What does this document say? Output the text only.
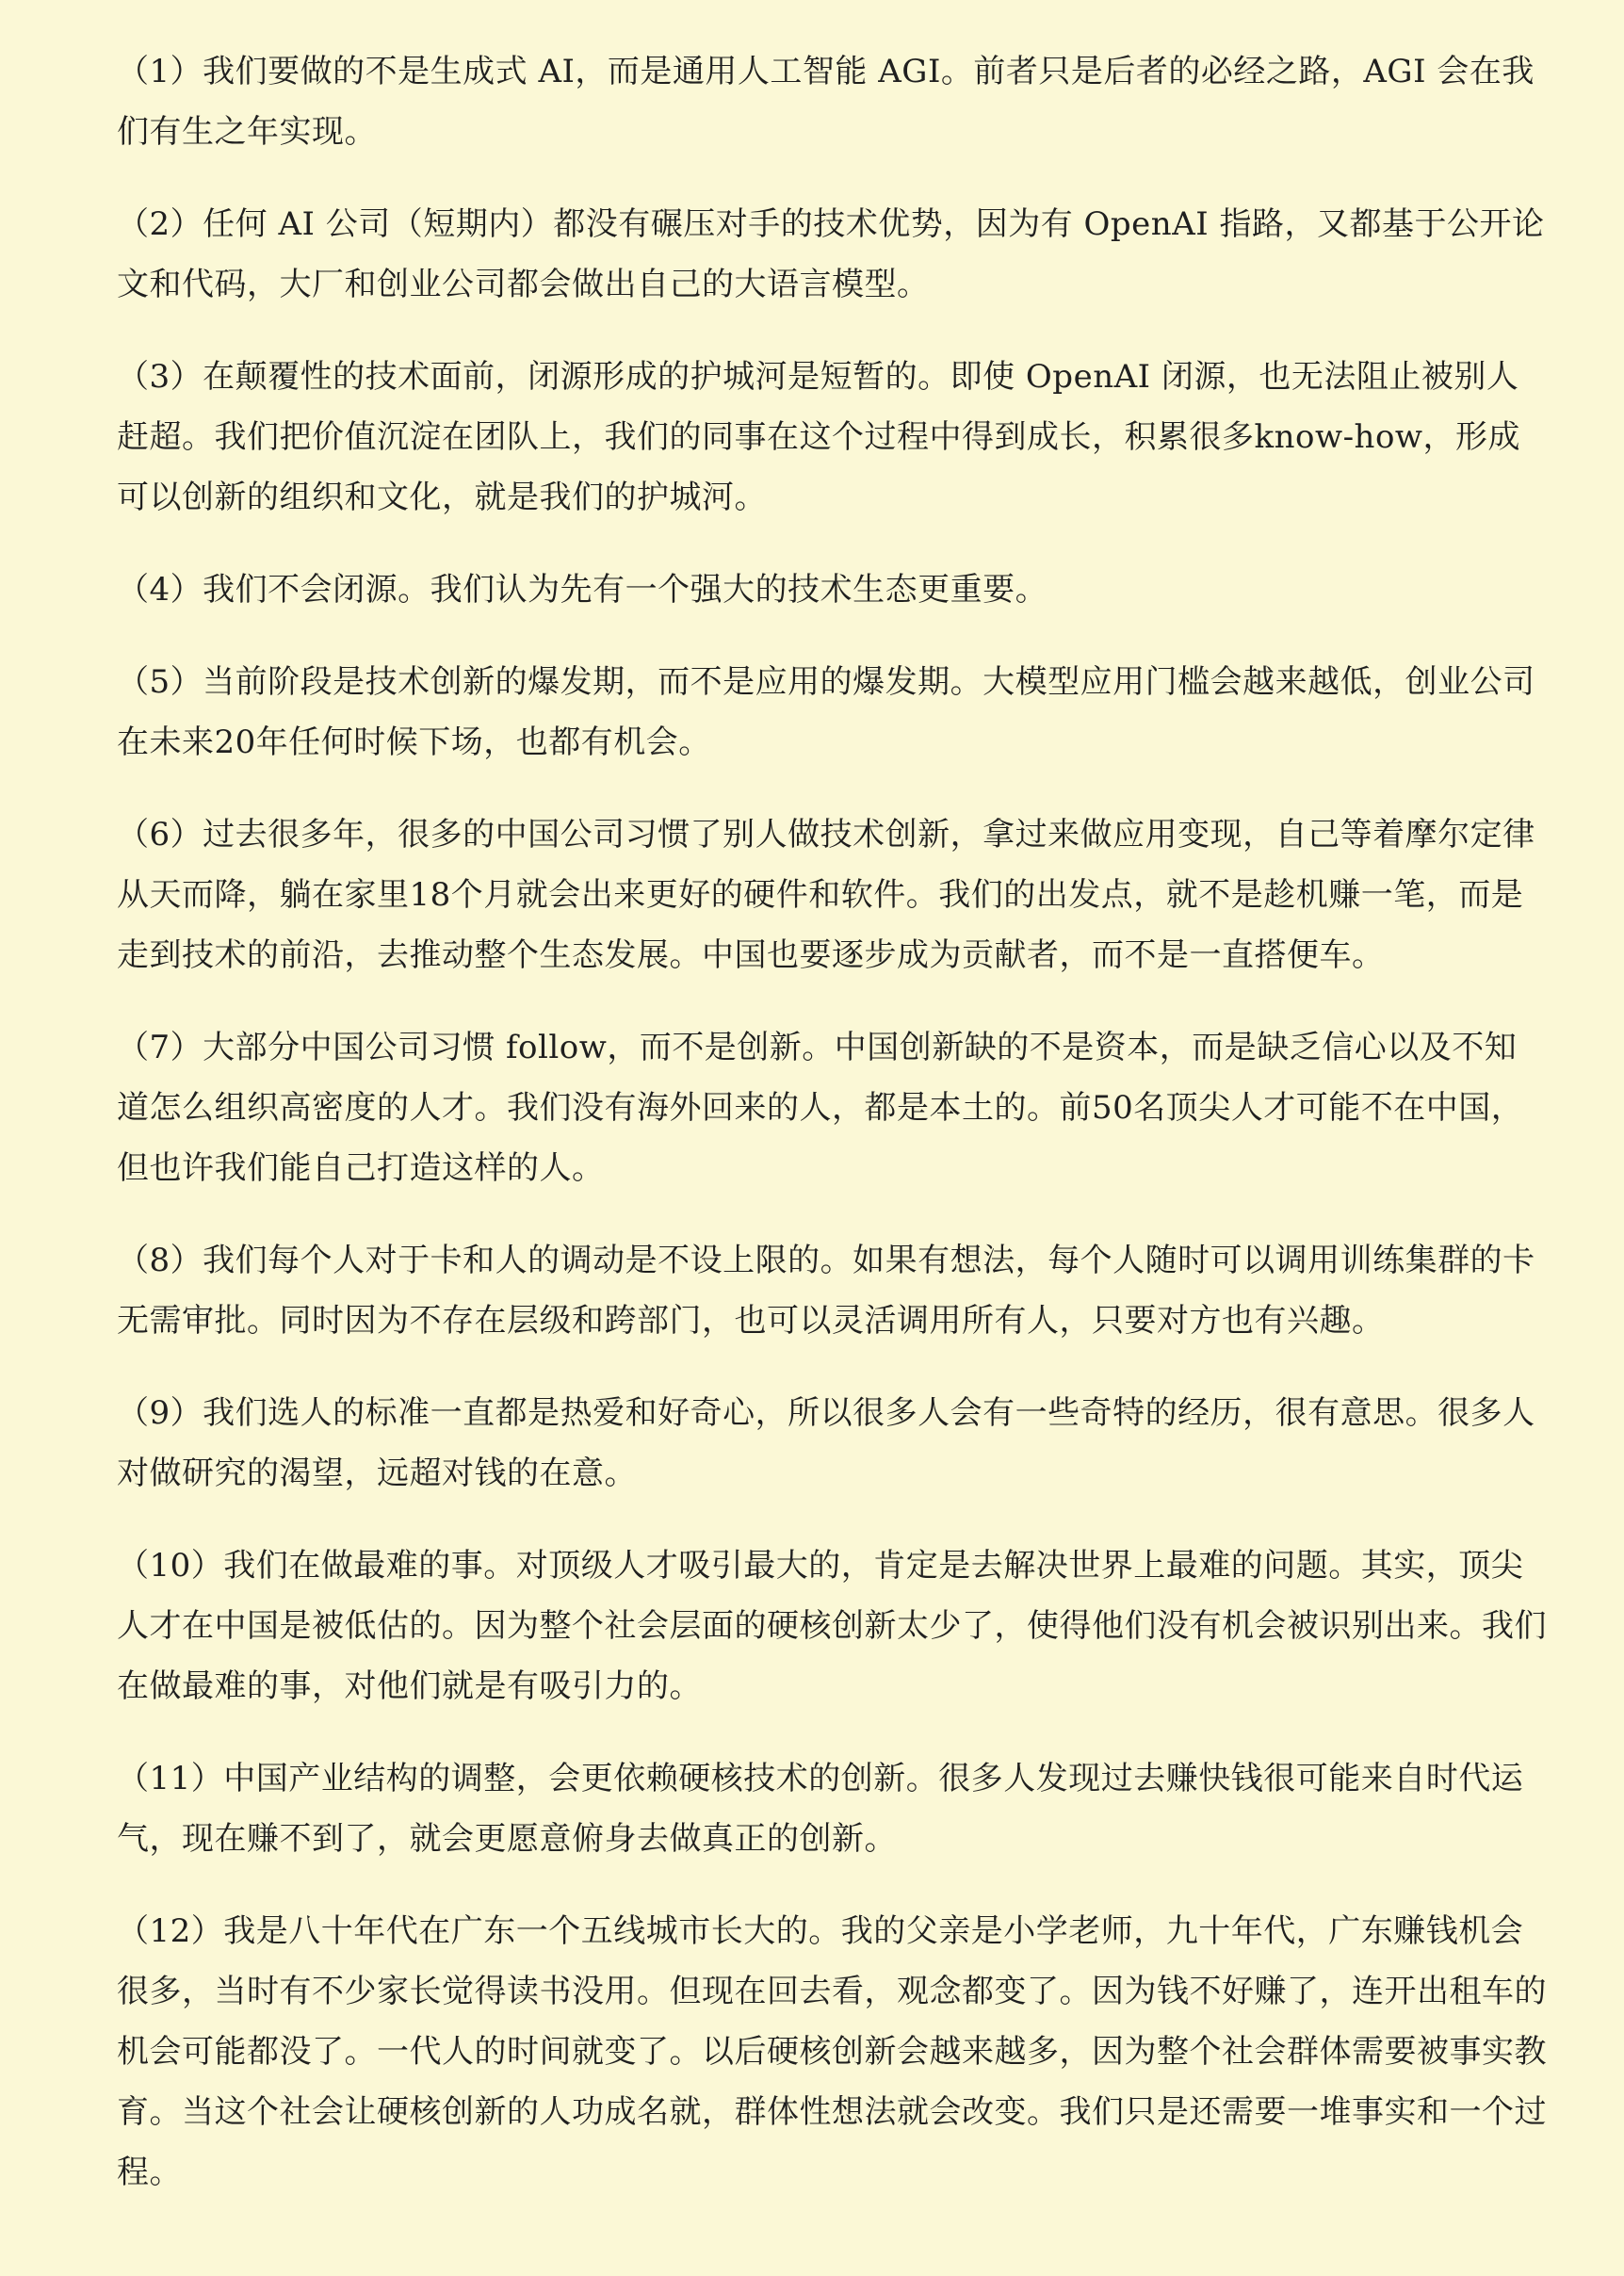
（1）我们要做的不是生成式 AI，而是通用人工智能 AGI。前者只是后者的必经之路，AGI 会在我们有生之年实现。

（2）任何 AI 公司（短期内）都没有碾压对手的技术优势，因为有 OpenAI 指路，又都基于公开论文和代码，大厂和创业公司都会做出自己的大语言模型。

（3）在颠覆性的技术面前，闭源形成的护城河是短暂的。即使 OpenAI 闭源，也无法阻止被别人赶超。我们把价值沉淀在团队上，我们的同事在这个过程中得到成长，积累很多know-how，形成可以创新的组织和文化，就是我们的护城河。

（4）我们不会闭源。我们认为先有一个强大的技术生态更重要。

（5）当前阶段是技术创新的爆发期，而不是应用的爆发期。大模型应用门槛会越来越低，创业公司在未来20年任何时候下场，也都有机会。

（6）过去很多年，很多的中国公司习惯了别人做技术创新，拿过来做应用变现，自己等着摩尔定律从天而降，躺在家里18个月就会出来更好的硬件和软件。我们的出发点，就不是趁机赚一笔，而是走到技术的前沿，去推动整个生态发展。中国也要逐步成为贡献者，而不是一直搭便车。

（7）大部分中国公司习惯 follow，而不是创新。中国创新缺的不是资本，而是缺乏信心以及不知道怎么组织高密度的人才。我们没有海外回来的人，都是本土的。前50名顶尖人才可能不在中国，但也许我们能自己打造这样的人。

（8）我们每个人对于卡和人的调动是不设上限的。如果有想法，每个人随时可以调用训练集群的卡无需审批。同时因为不存在层级和跨部门，也可以灵活调用所有人，只要对方也有兴趣。

（9）我们选人的标准一直都是热爱和好奇心，所以很多人会有一些奇特的经历，很有意思。很多人对做研究的渴望，远超对钱的在意。

（10）我们在做最难的事。对顶级人才吸引最大的，肯定是去解决世界上最难的问题。其实，顶尖人才在中国是被低估的。因为整个社会层面的硬核创新太少了，使得他们没有机会被识别出来。我们在做最难的事，对他们就是有吸引力的。

（11）中国产业结构的调整，会更依赖硬核技术的创新。很多人发现过去赚快钱很可能来自时代运气，现在赚不到了，就会更愿意俯身去做真正的创新。

（12）我是八十年代在广东一个五线城市长大的。我的父亲是小学老师，九十年代，广东赚钱机会很多，当时有不少家长觉得读书没用。但现在回去看，观念都变了。因为钱不好赚了，连开出租车的机会可能都没了。一代人的时间就变了。以后硬核创新会越来越多，因为整个社会群体需要被事实教育。当这个社会让硬核创新的人功成名就，群体性想法就会改变。我们只是还需要一堆事实和一个过程。
